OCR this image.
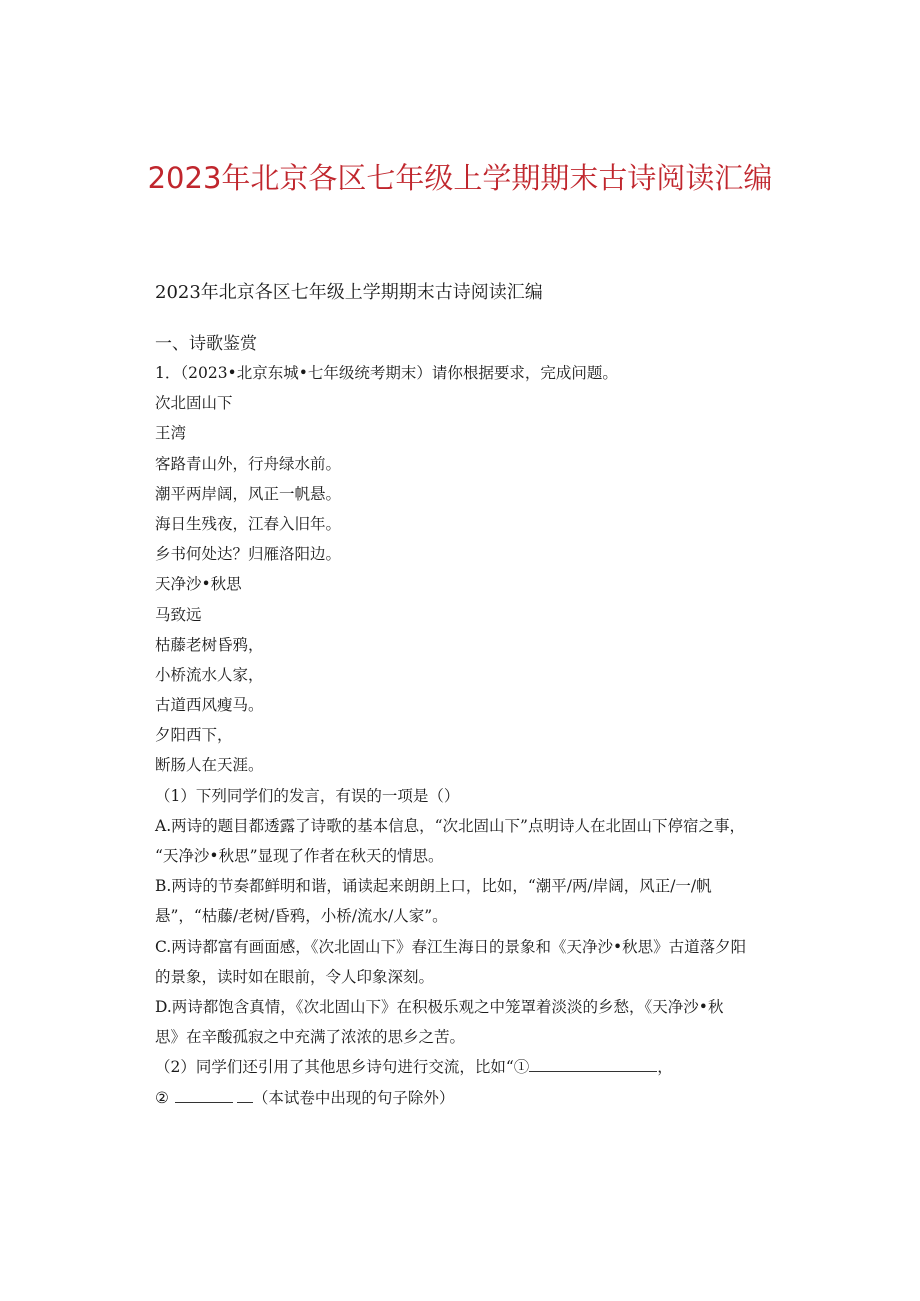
2023年北京各区七年级上学期期末古诗阅读汇编
2023年北京各区七年级上学期期末古诗阅读汇编

一、诗歌鉴赏

1．（2023•北京东城•七年级统考期末）请你根据要求，完成问题。

次北固山下

王湾

客路青山外，行舟绿水前。

潮平两岸阔，风正一帆悬。

海日生残夜，江春入旧年。

乡书何处达？归雁洛阳边。

天净沙•秋思

马致远

枯藤老树昏鸦，

小桥流水人家，

古道西风瘦马。

夕阳西下，

断肠人在天涯。

（1）下列同学们的发言，有误的一项是（）

A.两诗的题目都透露了诗歌的基本信息，“次北固山下”点明诗人在北固山下停宿之事，
“天净沙•秋思”显现了作者在秋天的情思。

B.两诗的节奏都鲜明和谐，诵读起来朗朗上口，比如，“潮平/两/岸阔，风正/一/帆
悬”，“枯藤/老树/昏鸦，小桥/流水/人家”。

C.两诗都富有画面感，《次北固山下》春江生海日的景象和《天净沙•秋思》古道落夕阳
的景象，读时如在眼前，令人印象深刻。

D.两诗都饱含真情，《次北固山下》在积极乐观之中笼罩着淡淡的乡愁，《天净沙•秋
思》在辛酸孤寂之中充满了浓浓的思乡之苦。

（2）同学们还引用了其他思乡诗句进行交流，比如“①	，

②	（本试卷中出现的句子除外）
